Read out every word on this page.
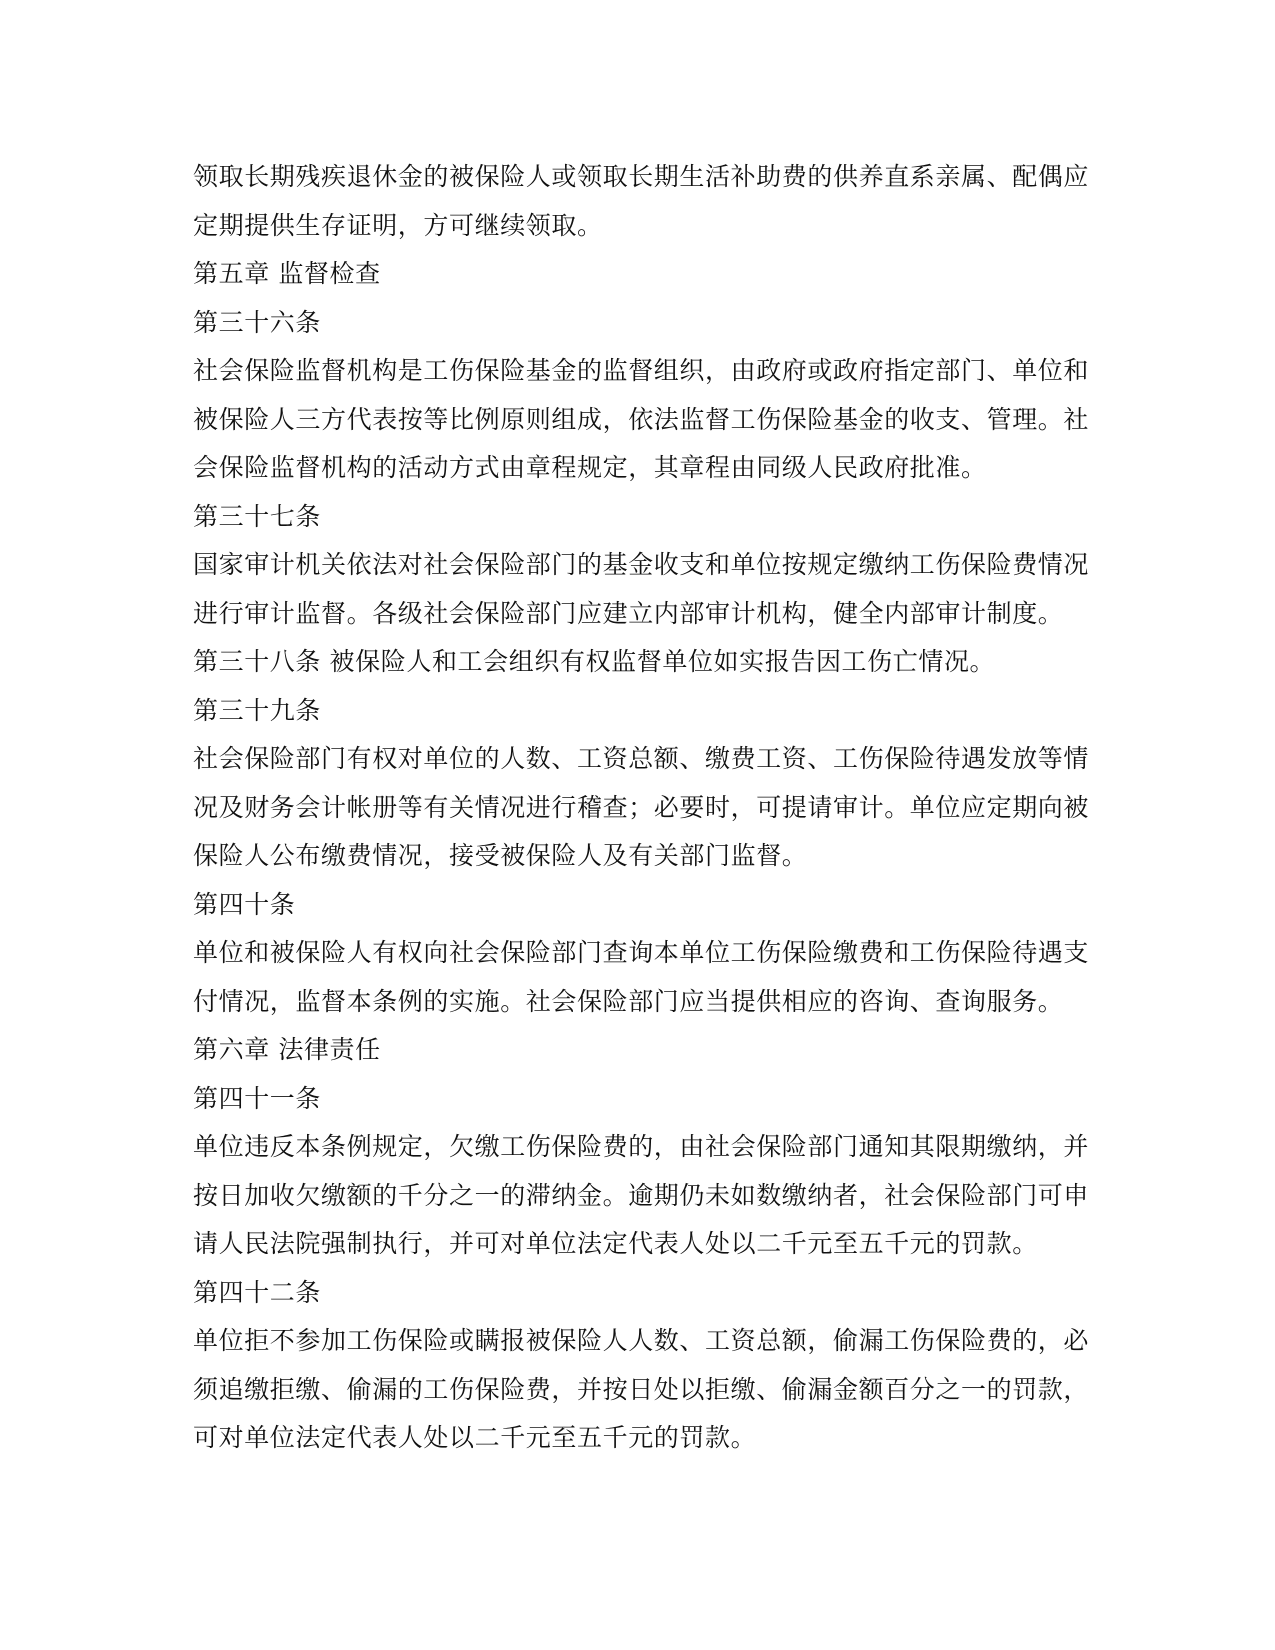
领取长期残疾退休金的被保险人或领取长期生活补助费的供养直系亲属、配偶应
定期提供生存证明，方可继续领取。
第五章 监督检查
第三十六条
社会保险监督机构是工伤保险基金的监督组织，由政府或政府指定部门、单位和
被保险人三方代表按等比例原则组成，依法监督工伤保险基金的收支、管理。社
会保险监督机构的活动方式由章程规定，其章程由同级人民政府批准。
第三十七条
国家审计机关依法对社会保险部门的基金收支和单位按规定缴纳工伤保险费情况
进行审计监督。各级社会保险部门应建立内部审计机构，健全内部审计制度。
第三十八条 被保险人和工会组织有权监督单位如实报告因工伤亡情况。
第三十九条
社会保险部门有权对单位的人数、工资总额、缴费工资、工伤保险待遇发放等情
况及财务会计帐册等有关情况进行稽查；必要时，可提请审计。单位应定期向被
保险人公布缴费情况，接受被保险人及有关部门监督。
第四十条
单位和被保险人有权向社会保险部门查询本单位工伤保险缴费和工伤保险待遇支
付情况，监督本条例的实施。社会保险部门应当提供相应的咨询、查询服务。
第六章 法律责任
第四十一条
单位违反本条例规定，欠缴工伤保险费的，由社会保险部门通知其限期缴纳，并
按日加收欠缴额的千分之一的滞纳金。逾期仍未如数缴纳者，社会保险部门可申
请人民法院强制执行，并可对单位法定代表人处以二千元至五千元的罚款。
第四十二条
单位拒不参加工伤保险或瞒报被保险人人数、工资总额，偷漏工伤保险费的，必
须追缴拒缴、偷漏的工伤保险费，并按日处以拒缴、偷漏金额百分之一的罚款，
可对单位法定代表人处以二千元至五千元的罚款。
